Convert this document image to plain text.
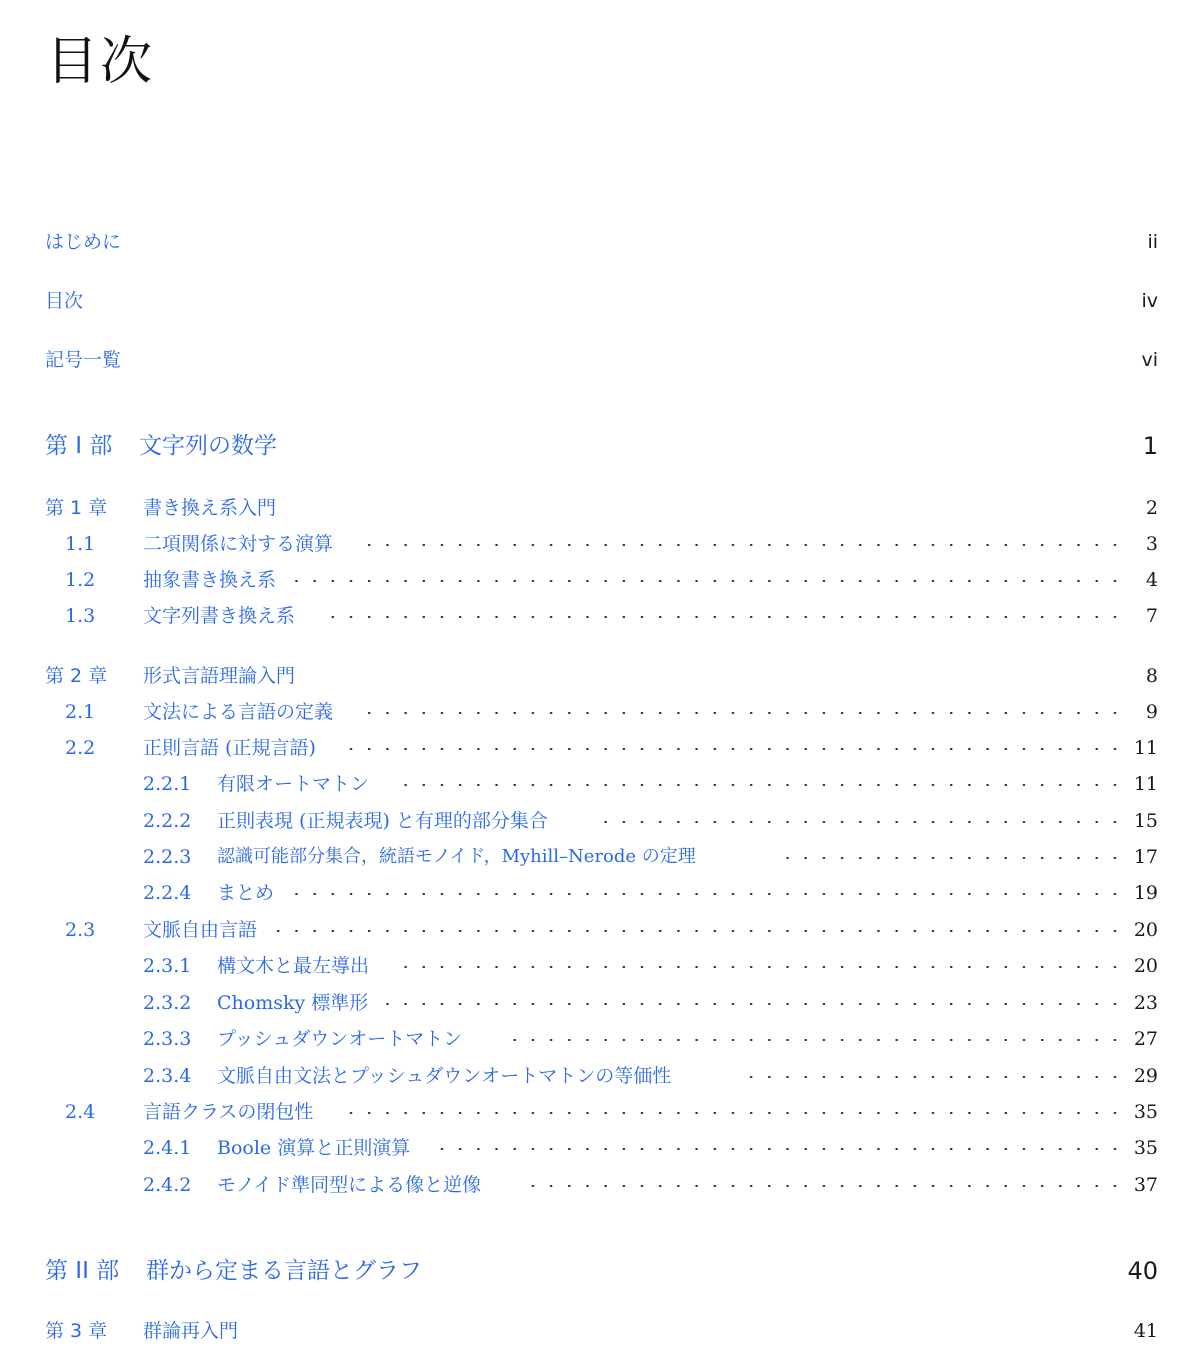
目次
はじめに	ii
目次	iv
記号一覧	vi
第 I 部 文字列の数学	1
第 1 章 書き換え系入門	2
1.1	二項関係に対する演算	3
1.2	抽象書き換え系	4
1.3	文字列書き換え系	7
第 2 章 形式言語理論入門	8
2.1	文法による言語の定義	9
2.2	正則言語 (正規言語)	11
2.2.1 有限オートマトン	11
2.2.2 正則表現 (正規表現) と有理的部分集合	15
2.2.3 認識可能部分集合，統語モノイド，Myhill–Nerode の定理	17
2.2.4 まとめ	19
2.3	文脈自由言語	20
2.3.1 構文木と最左導出	20
2.3.2 Chomsky 標準形	23
2.3.3 プッシュダウンオートマトン	27
2.3.4 文脈自由文法とプッシュダウンオートマトンの等価性	29
2.4	言語クラスの閉包性	35
2.4.1 Boole 演算と正則演算	35
2.4.2 モノイド準同型による像と逆像	37
第 II 部 群から定まる言語とグラフ	40
第 3 章 群論再入門	41
